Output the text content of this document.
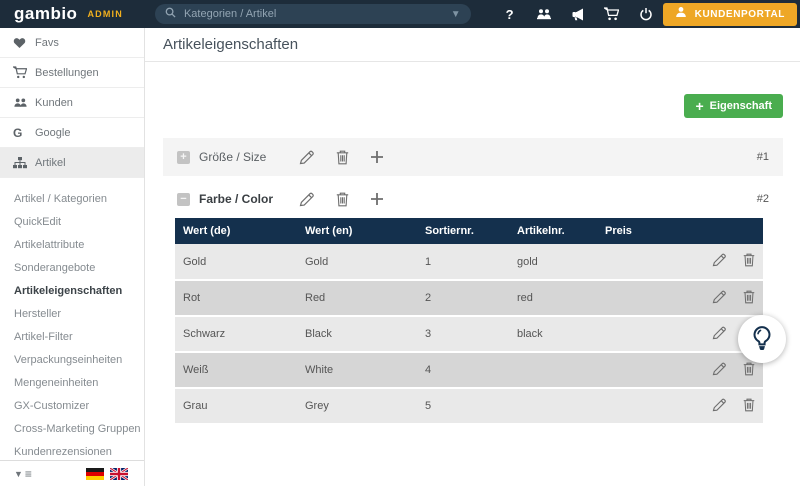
gambio ADMIN
Kategorien / Artikel	▼	?	KUNDENPORTAL
Favs
Bestellungen
Kunden
G	Google
Artikel
Artikel / Kategorien
QuickEdit
Artikelattribute
Sonderangebote
Artikeleigenschaften
Hersteller
Artikel-Filter
Verpackungseinheiten
Mengeneinheiten
GX-Customizer
Cross-Marketing Gruppen
Kundenrezensionen
▼ ≡
Artikeleigenschaften
+ Eigenschaft
+ Größe / Size	#1
− Farbe / Color	#2
Wert (de)	Wert (en)	Sortiernr.	Artikelnr.	Preis	
Gold	Gold	1	gold		

Rot	Red	2	red		

Schwarz	Black	3	black		

Weiß	White	4			

Grau	Grey	5			
